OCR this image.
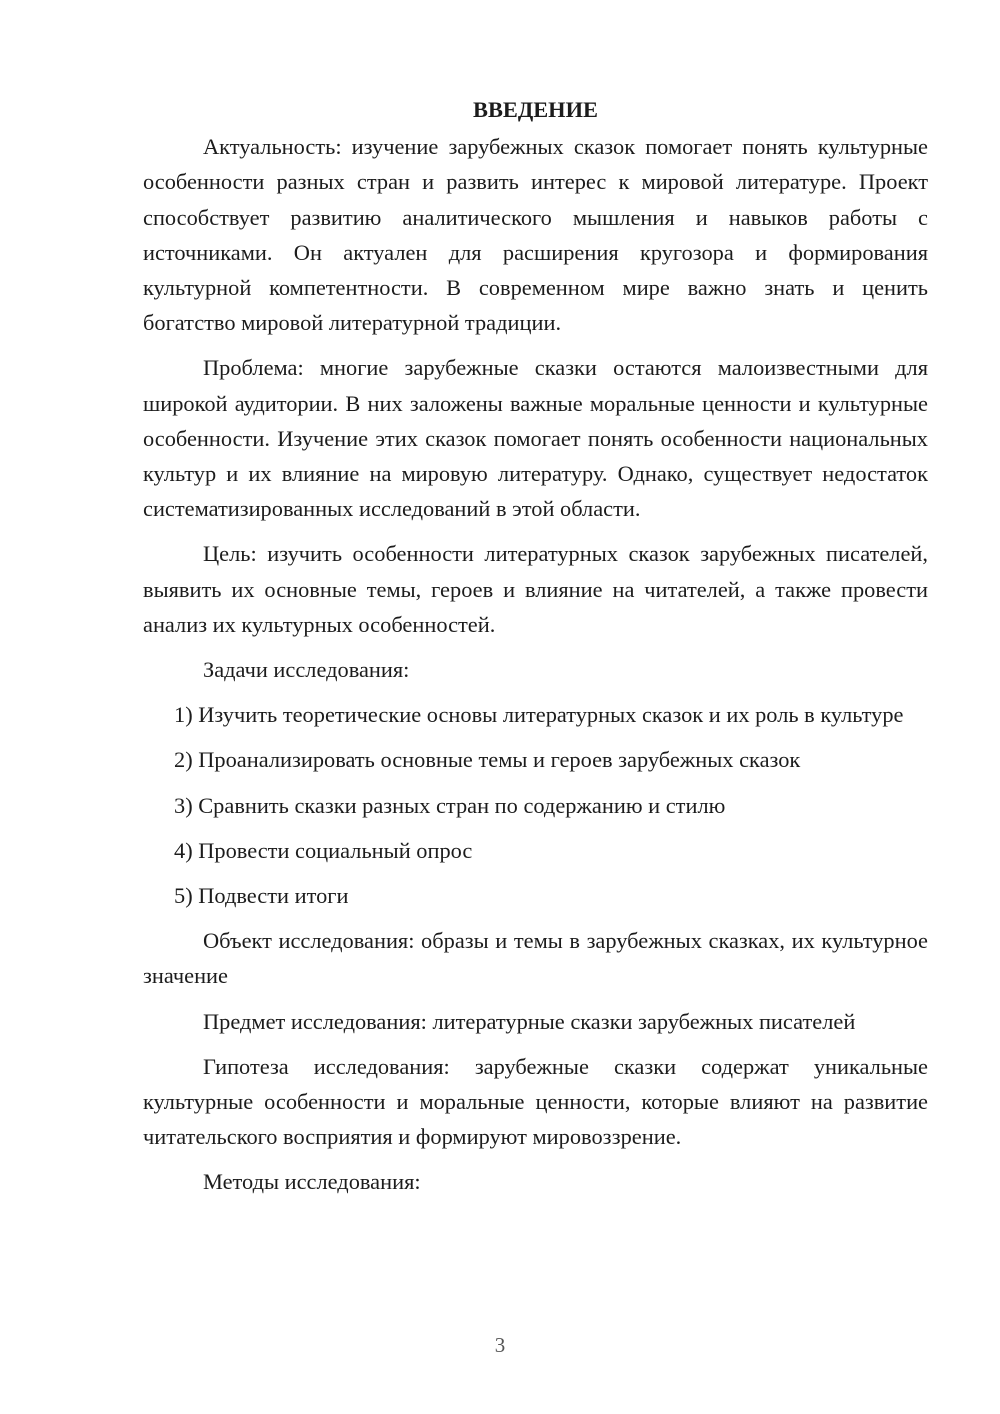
ВВЕДЕНИЕ

Актуальность: изучение зарубежных сказок помогает понять культурные особенности разных стран и развить интерес к мировой литературе. Проект способствует развитию аналитического мышления и навыков работы с источниками. Он актуален для расширения кругозора и формирования культурной компетентности. В современном мире важно знать и ценить богатство мировой литературной традиции.

Проблема: многие зарубежные сказки остаются малоизвестными для широкой аудитории. В них заложены важные моральные ценности и культурные особенности. Изучение этих сказок помогает понять особенности национальных культур и их влияние на мировую литературу. Однако, существует недостаток систематизированных исследований в этой области.

Цель: изучить особенности литературных сказок зарубежных писателей, выявить их основные темы, героев и влияние на читателей, а также провести анализ их культурных особенностей.

Задачи исследования:

1) Изучить теоретические основы литературных сказок и их роль в культуре

2) Проанализировать основные темы и героев зарубежных сказок

3) Сравнить сказки разных стран по содержанию и стилю

4) Провести социальный опрос

5) Подвести итоги

Объект исследования: образы и темы в зарубежных сказках, их культурное значение

Предмет исследования: литературные сказки зарубежных писателей

Гипотеза исследования: зарубежные сказки содержат уникальные культурные особенности и моральные ценности, которые влияют на развитие читательского восприятия и формируют мировоззрение.

Методы исследования:

3
